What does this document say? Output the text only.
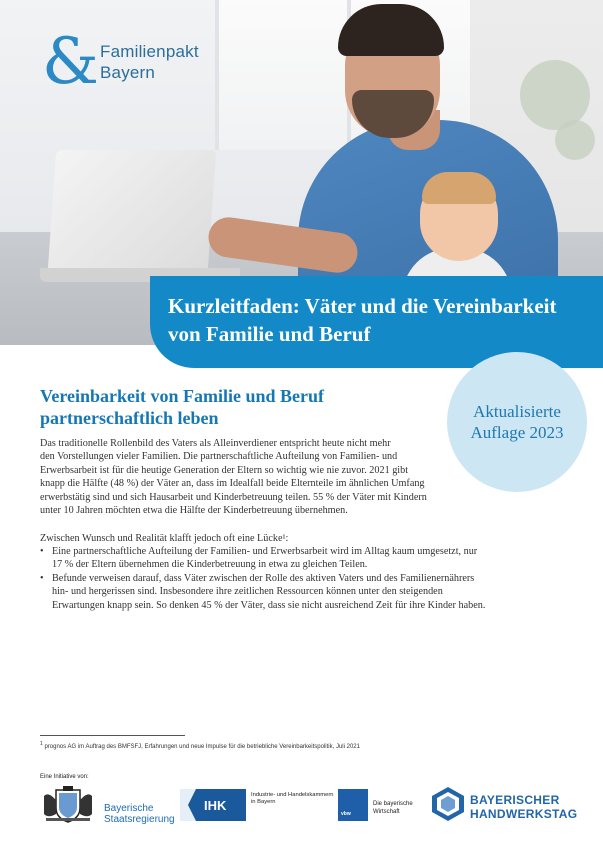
& Familienpakt
Bayern
Kurzleitfaden: Väter und die Vereinbarkeit
von Familie und Beruf
Aktualisierte
Auflage 2023
Vereinbarkeit von Familie und Beruf
partnerschaftlich leben
Das traditionelle Rollenbild des Vaters als Alleinverdiener entspricht heute nicht mehr
den Vorstellungen vieler Familien. Die partnerschaftliche Aufteilung von Familien- und
Erwerbsarbeit ist für die heutige Generation der Eltern so wichtig wie nie zuvor. 2021 gibt
knapp die Hälfte (48 %) der Väter an, dass im Idealfall beide Elternteile im ähnlichen Umfang
erwerbstätig sind und sich Hausarbeit und Kinderbetreuung teilen. 55 % der Väter mit Kindern
unter 10 Jahren möchten etwa die Hälfte der Kinderbetreuung übernehmen.
Zwischen Wunsch und Realität klafft jedoch oft eine Lücke¹:
• Eine partnerschaftliche Aufteilung der Familien- und Erwerbsarbeit wird im Alltag kaum umgesetzt, nur
17 % der Eltern übernehmen die Kinderbetreuung in etwa zu gleichen Teilen.
• Befunde verweisen darauf, dass Väter zwischen der Rolle des aktiven Vaters und des Familienernährers
hin- und hergerissen sind. Insbesondere ihre zeitlichen Ressourcen können unter den steigenden
Erwartungen knapp sein. So denken 45 % der Väter, dass sie nicht ausreichend Zeit für ihre Kinder haben.
$^1$ prognos AG im Auftrag des BMFSFJ, Erfahrungen und neue Impulse für die betriebliche Vereinbarkeitspolitik, Juli 2021
Eine Initiative von:
Bayerische
Staatsregierung
IHK
Industrie- und Handelskammern
in Bayern
vbw
Die bayerische
Wirtschaft
BAYERISCHER
HANDWERKSTAG
